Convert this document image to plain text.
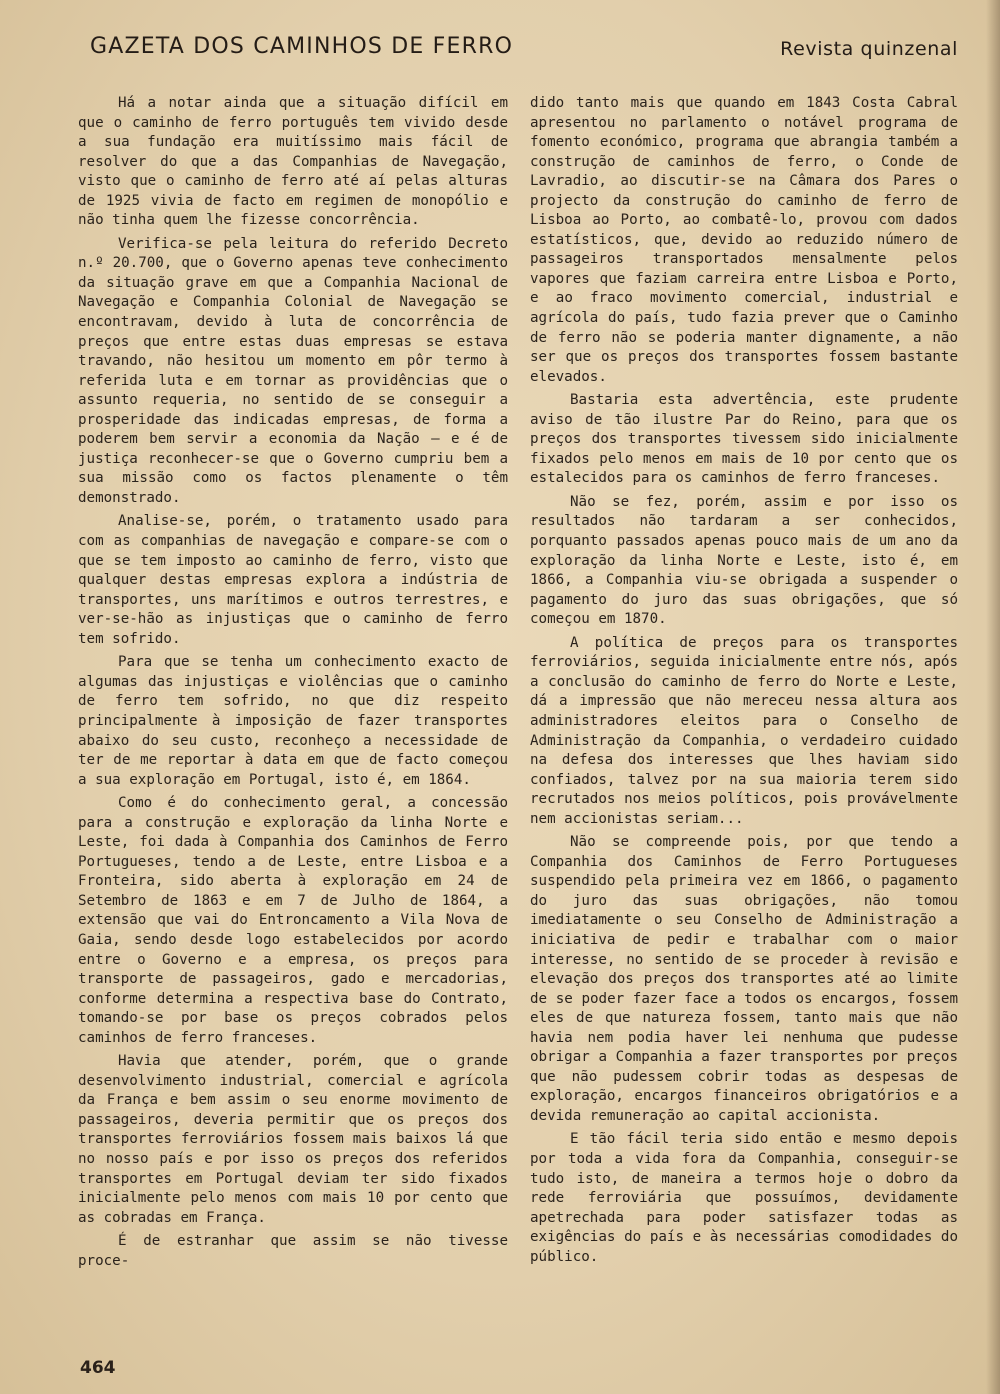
GAZETA DOS CAMINHOS DE FERRO	Revista quinzenal

Há a notar ainda que a situação difícil em que o caminho de ferro português tem vivido desde a sua fundação era muitíssimo mais fácil de resolver do que a das Companhias de Navegação, visto que o caminho de ferro até aí pelas alturas de 1925 vivia de facto em regimen de monopólio e não tinha quem lhe fizesse concorrência.

Verifica-se pela leitura do referido Decreto n.º 20.700, que o Governo apenas teve conhecimento da situação grave em que a Companhia Nacional de Navegação e Companhia Colonial de Navegação se encontravam, devido à luta de concorrência de preços que entre estas duas empresas se estava travando, não hesitou um momento em pôr termo à referida luta e em tornar as providências que o assunto requeria, no sentido de se conseguir a prosperidade das indicadas empresas, de forma a poderem bem servir a economia da Nação — e é de justiça reconhecer-se que o Governo cumpriu bem a sua missão como os factos plenamente o têm demonstrado.

Analise-se, porém, o tratamento usado para com as companhias de navegação e compare-se com o que se tem imposto ao caminho de ferro, visto que qualquer destas empresas explora a indústria de transportes, uns marítimos e outros terrestres, e ver-se-hão as injustiças que o caminho de ferro tem sofrido.

Para que se tenha um conhecimento exacto de algumas das injustiças e violências que o caminho de ferro tem sofrido, no que diz respeito principalmente à imposição de fazer transportes abaixo do seu custo, reconheço a necessidade de ter de me reportar à data em que de facto começou a sua exploração em Portugal, isto é, em 1864.

Como é do conhecimento geral, a concessão para a construção e exploração da linha Norte e Leste, foi dada à Companhia dos Caminhos de Ferro Portugueses, tendo a de Leste, entre Lisboa e a Fronteira, sido aberta à exploração em 24 de Setembro de 1863 e em 7 de Julho de 1864, a extensão que vai do Entroncamento a Vila Nova de Gaia, sendo desde logo estabelecidos por acordo entre o Governo e a empresa, os preços para transporte de passageiros, gado e mercadorias, conforme determina a respectiva base do Contrato, tomando-se por base os preços cobrados pelos caminhos de ferro franceses.

Havia que atender, porém, que o grande desenvolvimento industrial, comercial e agrícola da França e bem assim o seu enorme movimento de passageiros, deveria permitir que os preços dos transportes ferroviários fossem mais baixos lá que no nosso país e por isso os preços dos referidos transportes em Portugal deviam ter sido fixados inicialmente pelo menos com mais 10 por cento que as cobradas em França.

É de estranhar que assim se não tivesse proce-

dido tanto mais que quando em 1843 Costa Cabral apresentou no parlamento o notável programa de fomento económico, programa que abrangia também a construção de caminhos de ferro, o Conde de Lavradio, ao discutir-se na Câmara dos Pares o projecto da construção do caminho de ferro de Lisboa ao Porto, ao combatê-lo, provou com dados estatísticos, que, devido ao reduzido número de passageiros transportados mensalmente pelos vapores que faziam carreira entre Lisboa e Porto, e ao fraco movimento comercial, industrial e agrícola do país, tudo fazia prever que o Caminho de ferro não se poderia manter dignamente, a não ser que os preços dos transportes fossem bastante elevados.

Bastaria esta advertência, este prudente aviso de tão ilustre Par do Reino, para que os preços dos transportes tivessem sido inicialmente fixados pelo menos em mais de 10 por cento que os estalecidos para os caminhos de ferro franceses.

Não se fez, porém, assim e por isso os resultados não tardaram a ser conhecidos, porquanto passados apenas pouco mais de um ano da exploração da linha Norte e Leste, isto é, em 1866, a Companhia viu-se obrigada a suspender o pagamento do juro das suas obrigações, que só começou em 1870.

A política de preços para os transportes ferroviários, seguida inicialmente entre nós, após a conclusão do caminho de ferro do Norte e Leste, dá a impressão que não mereceu nessa altura aos administradores eleitos para o Conselho de Administração da Companhia, o verdadeiro cuidado na defesa dos interesses que lhes haviam sido confiados, talvez por na sua maioria terem sido recrutados nos meios políticos, pois provávelmente nem accionistas seriam...

Não se compreende pois, por que tendo a Companhia dos Caminhos de Ferro Portugueses suspendido pela primeira vez em 1866, o pagamento do juro das suas obrigações, não tomou imediatamente o seu Conselho de Administração a iniciativa de pedir e trabalhar com o maior interesse, no sentido de se proceder à revisão e elevação dos preços dos transportes até ao limite de se poder fazer face a todos os encargos, fossem eles de que natureza fossem, tanto mais que não havia nem podia haver lei nenhuma que pudesse obrigar a Companhia a fazer transportes por preços que não pudessem cobrir todas as despesas de exploração, encargos financeiros obrigatórios e a devida remuneração ao capital accionista.

E tão fácil teria sido então e mesmo depois por toda a vida fora da Companhia, conseguir-se tudo isto, de maneira a termos hoje o dobro da rede ferroviária que possuímos, devidamente apetrechada para poder satisfazer todas as exigências do país e às necessárias comodidades do público.

464
